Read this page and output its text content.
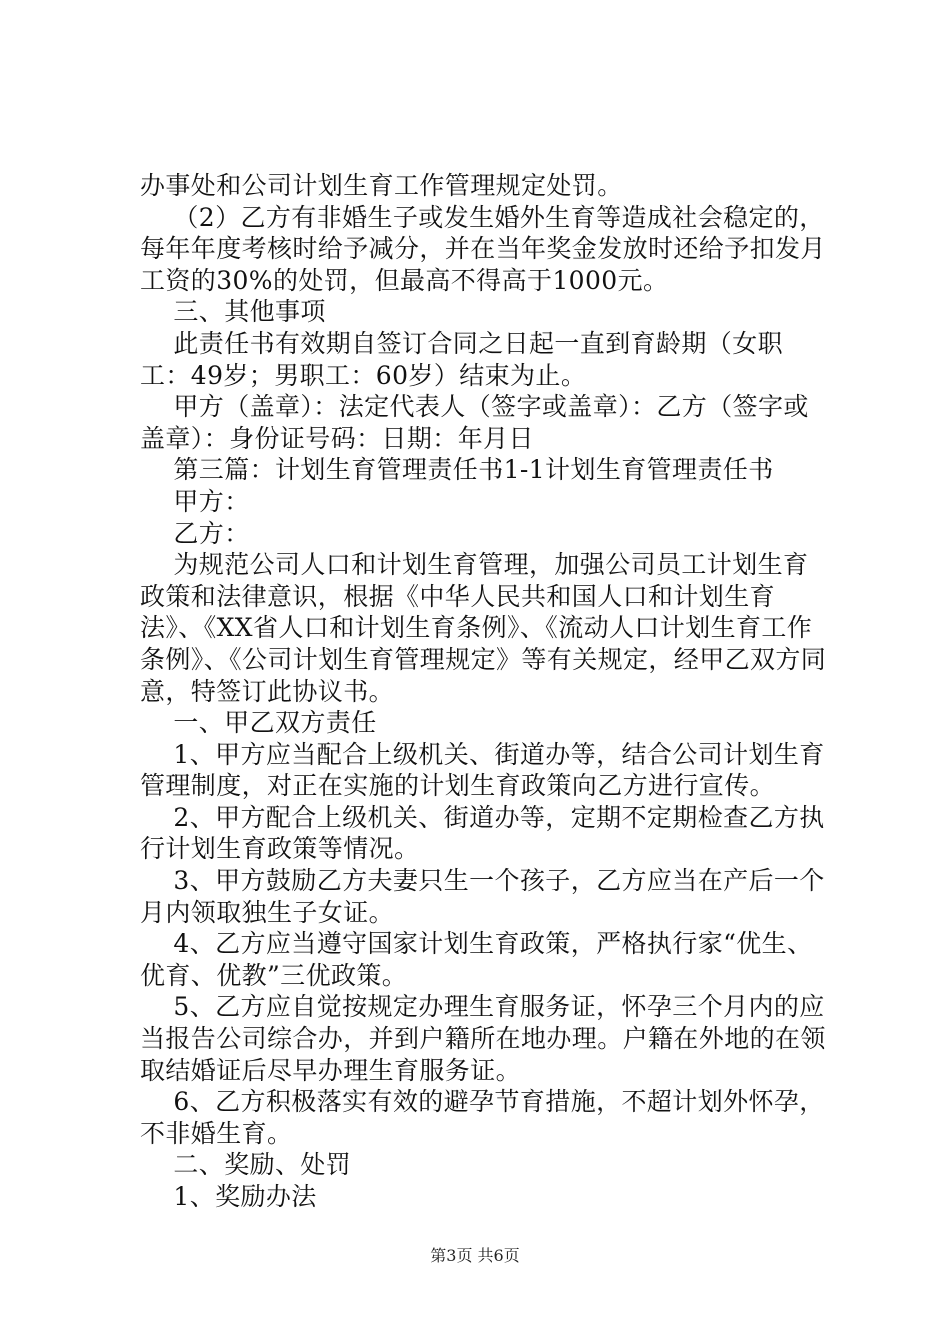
办事处和公司计划生育工作管理规定处罚。

（2）乙方有非婚生子或发生婚外生育等造成社会稳定的，每年年度考核时给予减分，并在当年奖金发放时还给予扣发月工资的30%的处罚，但最高不得高于1000元。

三、其他事项

此责任书有效期自签订合同之日起一直到育龄期（女职工：49岁；男职工：60岁）结束为止。

甲方（盖章）：法定代表人（签字或盖章）：乙方（签字或盖章）：身份证号码：日期：年月日

第三篇：计划生育管理责任书1-1计划生育管理责任书

甲方：

乙方：

为规范公司人口和计划生育管理，加强公司员工计划生育政策和法律意识，根据《中华人民共和国人口和计划生育法》、《XX省人口和计划生育条例》、《流动人口计划生育工作条例》、《公司计划生育管理规定》等有关规定，经甲乙双方同意，特签订此协议书。

一、甲乙双方责任

1、甲方应当配合上级机关、街道办等，结合公司计划生育管理制度，对正在实施的计划生育政策向乙方进行宣传。

2、甲方配合上级机关、街道办等，定期不定期检查乙方执行计划生育政策等情况。

3、甲方鼓励乙方夫妻只生一个孩子，乙方应当在产后一个月内领取独生子女证。

4、乙方应当遵守国家计划生育政策，严格执行家“优生、优育、优教”三优政策。

5、乙方应自觉按规定办理生育服务证，怀孕三个月内的应当报告公司综合办，并到户籍所在地办理。户籍在外地的在领取结婚证后尽早办理生育服务证。

6、乙方积极落实有效的避孕节育措施，不超计划外怀孕，不非婚生育。

二、奖励、处罚

1、奖励办法

第3页 共6页
